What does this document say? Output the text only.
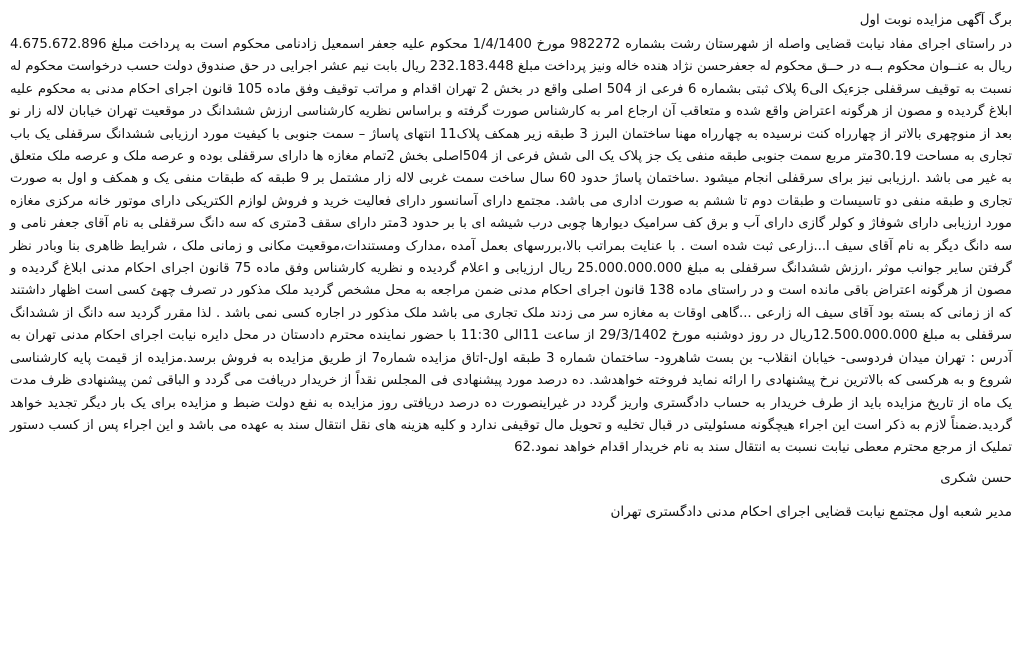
برگ آگهی مزایده نوبت اول

در راستای اجرای مفاد نیابت قضایی واصله از شهرستان رشت بشماره 982272 مورخ 1/4/1400 محکوم علیه جعفر اسمعیل زادنامی محکوم است به پرداخت مبلغ 4.675.672.896 ریال به عنــوان محکوم بــه در حــق محکوم له جعفرحسن نژاد هنده خاله ونیز پرداخت مبلغ 232.183.448 ریال بابت نیم عشر اجرایی در حق صندوق دولت حسب درخواست محکوم له نسبت به توقیف سرقفلی جزءیک الی6 پلاک ثبتی بشماره 6 فرعی از 504 اصلی واقع در بخش 2 تهران اقدام و مراتب توقیف وفق ماده 105 قانون اجرای احکام مدنی به محکوم علیه ابلاغ گردیده و مصون از هرگونه اعتراض واقع شده و متعاقب آن ارجاع امر به کارشناس صورت گرفته و براساس نظریه کارشناسی ارزش ششدانگ در موقعیت تهران خیابان لاله زار نو بعد از منوچهری بالاتر از چهارراه کنت نرسیده به چهارراه مهنا ساختمان البرز 3 طبقه زیر همکف پلاک11 انتهای پاساژ – سمت جنوبی با کیفیت مورد ارزیابی ششدانگ سرقفلی یک باب تجاری به مساحت 30.19متر مربع سمت جنوبی طبقه منفی یک جز پلاک یک الی شش فرعی از 504اصلی بخش 2تمام مغازه ها دارای سرقفلی بوده و عرصه ملک و عرصه ملک متعلق به غیر می باشد .ارزیابی نیز برای سرقفلی انجام میشود .ساختمان پاساژ حدود 60 سال ساخت سمت غربی لاله زار مشتمل بر 9 طبقه که طبقات منفی یک و همکف و اول به صورت تجاری و طبقه منفی دو تاسیسات و طبقات دوم تا ششم به صورت اداری می باشد. مجتمع دارای آسانسور دارای فعالیت خرید و فروش لوازم الکتریکی دارای موتور خانه مرکزی مغازه مورد ارزیابی دارای شوفاژ و کولر گازی دارای آب و برق کف سرامیک دیوارها چوبی درب شیشه ای با بر حدود 3متر دارای سقف 3متری که سه دانگ سرقفلی به نام آقای جعفر نامی و سه دانگ دیگر به نام آقای سیف ا...زارعی ثبت شده است . با عنایت بمراتب بالا،بررسهای بعمل آمده ،مدارک ومستندات،موقعیت مکانی و زمانی ملک ، شرایط ظاهری بنا وبادر نظر گرفتن سایر جوانب موثر ،ارزش ششدانگ سرقفلی به مبلغ 25.000.000.000 ریال ارزیابی و اعلام گردیده و نظریه کارشناس وفق ماده 75 قانون اجرای احکام مدنی ابلاغ گردیده و مصون از هرگونه اعتراض باقی مانده است و در راستای ماده 138 قانون اجرای احکام مدنی ضمن مراجعه به محل مشخص گردید ملک مذکور در تصرف چهئ کسی است اظهار داشتند که از زمانی که بسته بود آقای سیف اله زارعی ...گاهی اوقات به مغازه سر می زدند ملک تجاری می باشد ملک مذکور در اجاره کسی نمی باشد . لذا مقرر گردید سه دانگ از ششدانگ سرقفلی به مبلغ 12.500.000.000ریال در روز دوشنبه مورخ 29/3/1402 از ساعت 11الی 11:30 با حضور نماینده محترم دادستان در محل دایره نیابت اجرای احکام مدنی تهران به آدرس : تهران میدان فردوسی- خیابان انقلاب- بن بست شاهرود- ساختمان شماره 3 طبقه اول-اتاق مزایده شماره7 از طریق مزایده به فروش برسد.مزایده از قیمت پایه کارشناسی شروع و به هرکسی که بالاترین نرخ پیشنهادی را ارائه نماید فروخته خواهدشد. ده درصد مورد پیشنهادی فی المجلس نقداً از خریدار دریافت می گردد و الباقی ثمن پیشنهادی ظرف مدت یک ماه از تاریخ مزایده باید از طرف خریدار به حساب دادگستری واریز گردد در غیراینصورت ده درصد دریافتی روز مزایده به نفع دولت ضبط و مزایده برای یک بار دیگر تجدید خواهد گردید.ضمناً لازم به ذکر است این اجراء هیچگونه مسئولیتی در قبال تخلیه و تحویل مال توقیفی ندارد و کلیه هزینه های نقل انتقال سند به عهده می باشد و این اجراء پس از کسب دستور تملیک از مرجع محترم معطی نیابت نسبت به انتقال سند به نام خریدار اقدام خواهد نمود.62

حسن شکری
مدیر شعبه اول مجتمع نیابت قضایی اجرای احکام مدنی دادگستری تهران
